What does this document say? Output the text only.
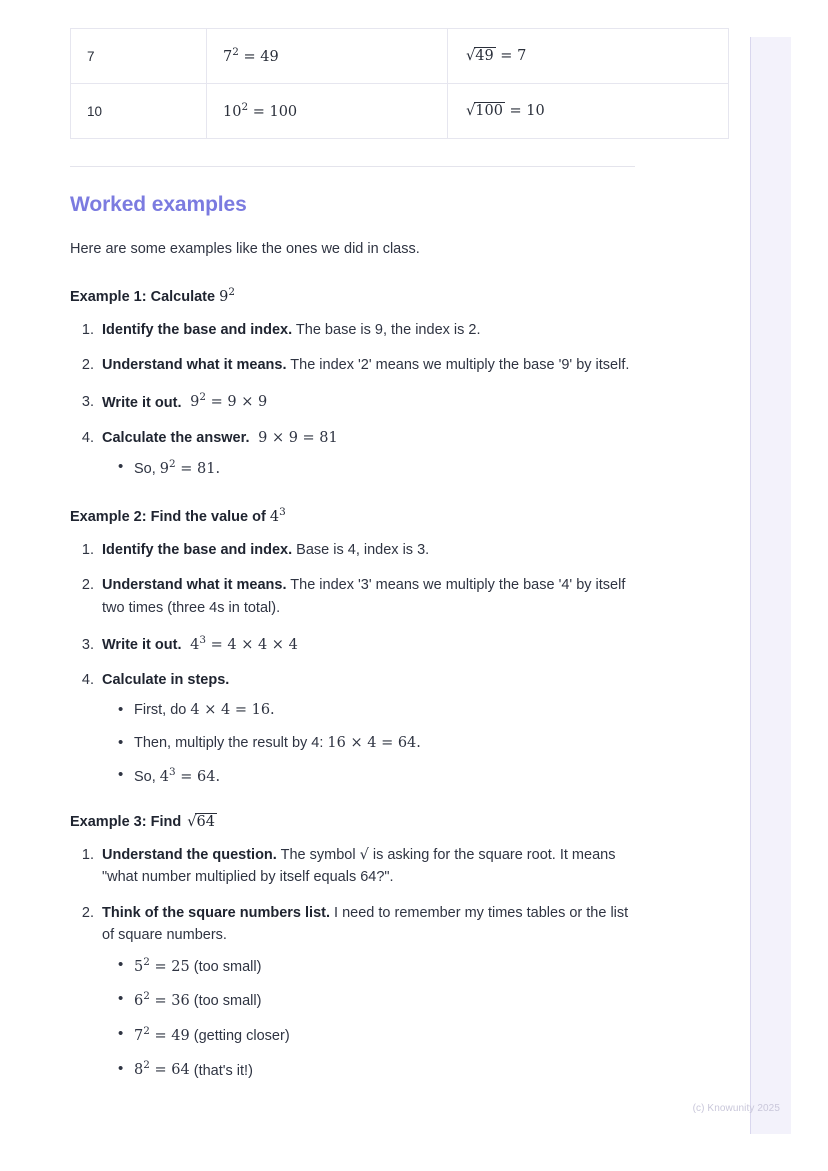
7	$7^2 = 49$	√49 = 7
10	$10^2 = 100$	√100 = 10
Worked examples

Here are some examples like the ones we did in class.

Example 1: Calculate $9^2$
1. Identify the base and index. The base is 9, the index is 2.
2. Understand what it means. The index '2' means we multiply the base '9' by itself.
3. Write it out.  $9^2 = 9 \times 9$
4. Calculate the answer.  9 × 9 = 81
• So, $9^2 = 81$.
Example 2: Find the value of $4^3$
1. Identify the base and index. Base is 4, index is 3.
2. Understand what it means. The index '3' means we multiply the base '4' by itself two times (three 4s in total).
3. Write it out.  $4^3 = 4 \times 4 \times 4$
4. Calculate in steps.
• First, do 4 × 4 = 16.
• Then, multiply the result by 4: 16 × 4 = 64.
• So, $4^3 = 64$.
Example 3: Find √64
1. Understand the question. The symbol √ is asking for the square root. It means "what number multiplied by itself equals 64?".
2. Think of the square numbers list. I need to remember my times tables or the list of square numbers.
• $5^2 = 25$ (too small)
• $6^2 = 36$ (too small)
• $7^2 = 49$ (getting closer)
• $8^2 = 64$ (that's it!)
(c) Knowunity 2025
